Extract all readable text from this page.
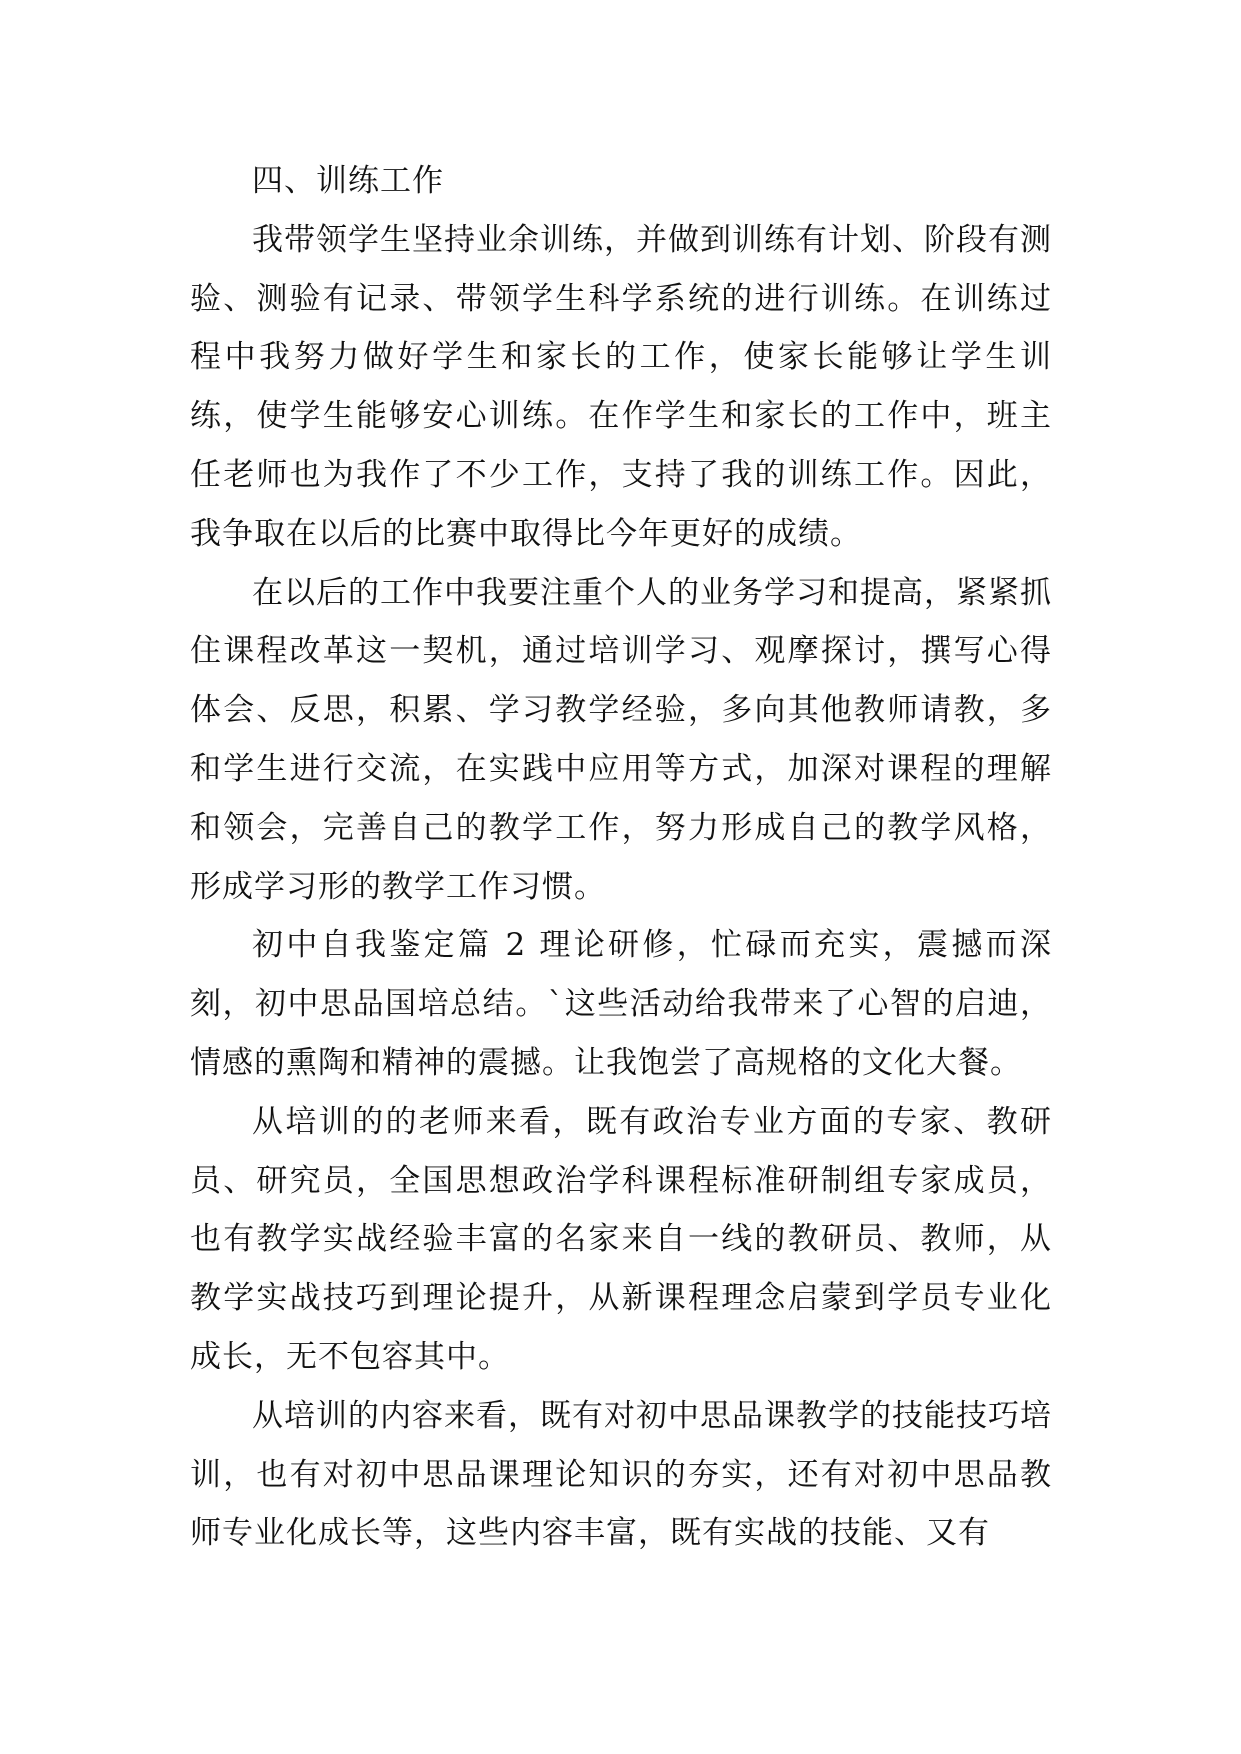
四、训练工作

我带领学生坚持业余训练，并做到训练有计划、阶段有测验、测验有记录、带领学生科学系统的进行训练。在训练过程中我努力做好学生和家长的工作，使家长能够让学生训练，使学生能够安心训练。在作学生和家长的工作中，班主任老师也为我作了不少工作，支持了我的训练工作。因此，我争取在以后的比赛中取得比今年更好的成绩。

在以后的工作中我要注重个人的业务学习和提高，紧紧抓住课程改革这一契机，通过培训学习、观摩探讨，撰写心得体会、反思，积累、学习教学经验，多向其他教师请教，多和学生进行交流，在实践中应用等方式，加深对课程的理解和领会，完善自己的教学工作，努力形成自己的教学风格，形成学习形的教学工作习惯。

初中自我鉴定篇 2 理论研修，忙碌而充实，震撼而深刻，初中思品国培总结。`这些活动给我带来了心智的启迪，情感的熏陶和精神的震撼。让我饱尝了高规格的文化大餐。

从培训的的老师来看，既有政治专业方面的专家、教研员、研究员，全国思想政治学科课程标准研制组专家成员，也有教学实战经验丰富的名家来自一线的教研员、教师，从教学实战技巧到理论提升，从新课程理念启蒙到学员专业化成长，无不包容其中。

从培训的内容来看，既有对初中思品课教学的技能技巧培训，也有对初中思品课理论知识的夯实，还有对初中思品教师专业化成长等，这些内容丰富，既有实战的技能、又有
